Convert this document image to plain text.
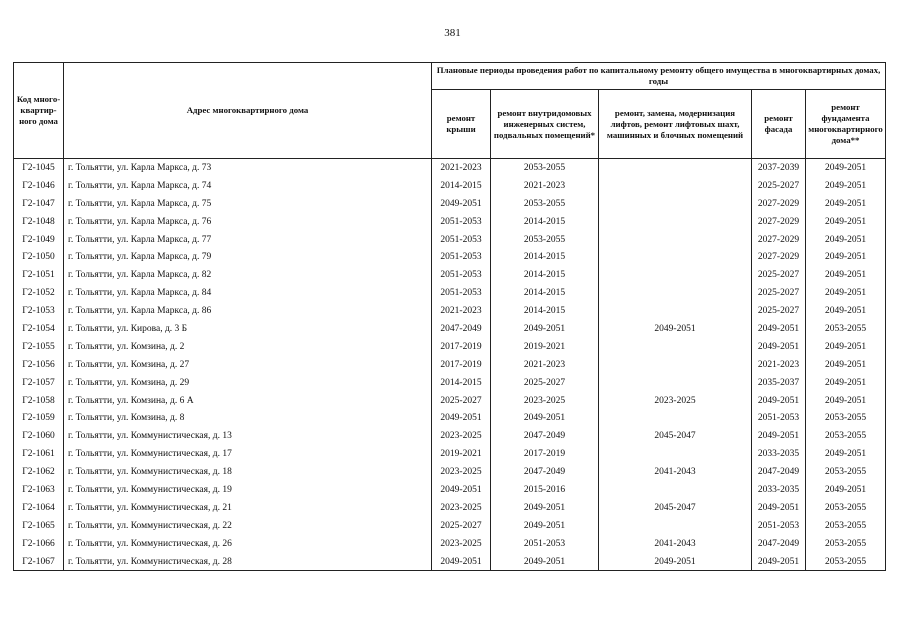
381
Код много-квартир-ного дома	Адрес многоквартирного дома	Плановые периоды проведения работ по капитальному ремонту общего имущества в многоквартирных домах, годы				
		ремонт крыши	ремонт внутридомовых инженерных систем, подвальных помещений*	ремонт, замена, модернизация лифтов, ремонт лифтовых шахт, машинных и блочных помещений	ремонт фасада	ремонт фундамента многоквартирного дома**
Г2-1045	г. Тольятти, ул. Карла Маркса, д. 73	2021-2023	2053-2055		2037-2039	2049-2051
Г2-1046	г. Тольятти, ул. Карла Маркса, д. 74	2014-2015	2021-2023		2025-2027	2049-2051
Г2-1047	г. Тольятти, ул. Карла Маркса, д. 75	2049-2051	2053-2055		2027-2029	2049-2051
Г2-1048	г. Тольятти, ул. Карла Маркса, д. 76	2051-2053	2014-2015		2027-2029	2049-2051
Г2-1049	г. Тольятти, ул. Карла Маркса, д. 77	2051-2053	2053-2055		2027-2029	2049-2051
Г2-1050	г. Тольятти, ул. Карла Маркса, д. 79	2051-2053	2014-2015		2027-2029	2049-2051
Г2-1051	г. Тольятти, ул. Карла Маркса, д. 82	2051-2053	2014-2015		2025-2027	2049-2051
Г2-1052	г. Тольятти, ул. Карла Маркса, д. 84	2051-2053	2014-2015		2025-2027	2049-2051
Г2-1053	г. Тольятти, ул. Карла Маркса, д. 86	2021-2023	2014-2015		2025-2027	2049-2051
Г2-1054	г. Тольятти, ул. Кирова, д. 3 Б	2047-2049	2049-2051	2049-2051	2049-2051	2053-2055
Г2-1055	г. Тольятти, ул. Комзина, д. 2	2017-2019	2019-2021		2049-2051	2049-2051
Г2-1056	г. Тольятти, ул. Комзина, д. 27	2017-2019	2021-2023		2021-2023	2049-2051
Г2-1057	г. Тольятти, ул. Комзина, д. 29	2014-2015	2025-2027		2035-2037	2049-2051
Г2-1058	г. Тольятти, ул. Комзина, д. 6 А	2025-2027	2023-2025	2023-2025	2049-2051	2049-2051
Г2-1059	г. Тольятти, ул. Комзина, д. 8	2049-2051	2049-2051		2051-2053	2053-2055
Г2-1060	г. Тольятти, ул. Коммунистическая, д. 13	2023-2025	2047-2049	2045-2047	2049-2051	2053-2055
Г2-1061	г. Тольятти, ул. Коммунистическая, д. 17	2019-2021	2017-2019		2033-2035	2049-2051
Г2-1062	г. Тольятти, ул. Коммунистическая, д. 18	2023-2025	2047-2049	2041-2043	2047-2049	2053-2055
Г2-1063	г. Тольятти, ул. Коммунистическая, д. 19	2049-2051	2015-2016		2033-2035	2049-2051
Г2-1064	г. Тольятти, ул. Коммунистическая, д. 21	2023-2025	2049-2051	2045-2047	2049-2051	2053-2055
Г2-1065	г. Тольятти, ул. Коммунистическая, д. 22	2025-2027	2049-2051		2051-2053	2053-2055
Г2-1066	г. Тольятти, ул. Коммунистическая, д. 26	2023-2025	2051-2053	2041-2043	2047-2049	2053-2055
Г2-1067	г. Тольятти, ул. Коммунистическая, д. 28	2049-2051	2049-2051	2049-2051	2049-2051	2053-2055
